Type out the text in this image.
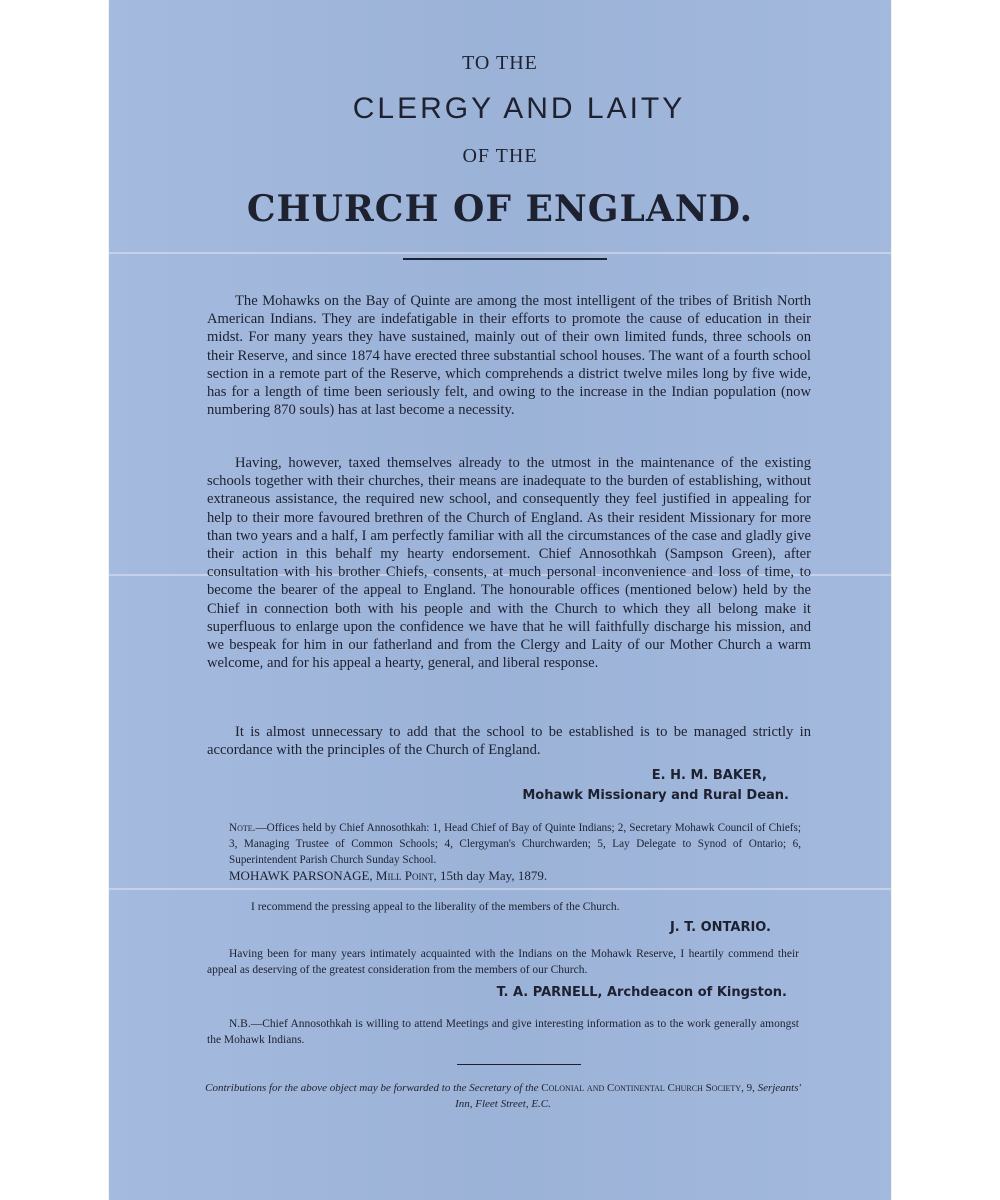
TO THE
CLERGY AND LAITY
OF THE
CHURCH OF ENGLAND.
The Mohawks on the Bay of Quinte are among the most intelligent of the tribes of British North American Indians. They are indefatigable in their efforts to promote the cause of education in their midst. For many years they have sustained, mainly out of their own limited funds, three schools on their Reserve, and since 1874 have erected three substantial school houses. The want of a fourth school section in a remote part of the Reserve, which comprehends a district twelve miles long by five wide, has for a length of time been seriously felt, and owing to the increase in the Indian population (now numbering 870 souls) has at last become a necessity.
Having, however, taxed themselves already to the utmost in the maintenance of the existing schools together with their churches, their means are inadequate to the burden of establishing, without extraneous assistance, the required new school, and consequently they feel justified in appealing for help to their more favoured brethren of the Church of England. As their resident Missionary for more than two years and a half, I am perfectly familiar with all the circumstances of the case and gladly give their action in this behalf my hearty endorsement. Chief Annosothkah (Sampson Green), after consultation with his brother Chiefs, consents, at much personal inconvenience and loss of time, to become the bearer of the appeal to England. The honourable offices (mentioned below) held by the Chief in connection both with his people and with the Church to which they all belong make it superfluous to enlarge upon the confidence we have that he will faithfully discharge his mission, and we bespeak for him in our fatherland and from the Clergy and Laity of our Mother Church a warm welcome, and for his appeal a hearty, general, and liberal response.
It is almost unnecessary to add that the school to be established is to be managed strictly in accordance with the principles of the Church of England.
E. H. M. BAKER,
Mohawk Missionary and Rural Dean.
Note.—Offices held by Chief Annosothkah: 1, Head Chief of Bay of Quinte Indians; 2, Secretary Mohawk Council of Chiefs; 3, Managing Trustee of Common Schools; 4, Clergyman's Churchwarden; 5, Lay Delegate to Synod of Ontario; 6, Superintendent Parish Church Sunday School.
MOHAWK PARSONAGE, Mill Point, 15th day May, 1879.
I recommend the pressing appeal to the liberality of the members of the Church.
J. T. ONTARIO.
Having been for many years intimately acquainted with the Indians on the Mohawk Reserve, I heartily commend their appeal as deserving of the greatest consideration from the members of our Church.
T. A. PARNELL, Archdeacon of Kingston.
N.B.—Chief Annosothkah is willing to attend Meetings and give interesting information as to the work generally amongst the Mohawk Indians.
Contributions for the above object may be forwarded to the Secretary of the Colonial and Continental Church Society, 9, Serjeants' Inn, Fleet Street, E.C.
